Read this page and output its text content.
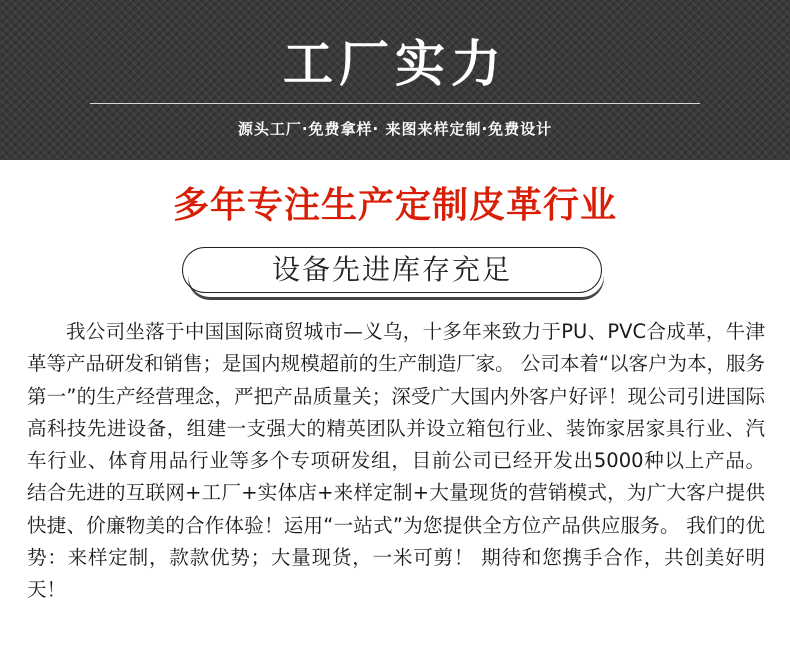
工厂实力
源头工厂·免费拿样· 来图来样定制·免费设计
多年专注生产定制皮革行业
设备先进库存充足
我公司坐落于中国国际商贸城市—义乌，十多年来致力于PU、PVC合成革，牛津革等产品研发和销售；是国内规模超前的生产制造厂家。 公司本着“以客户为本，服务第一”的生产经营理念，严把产品质量关；深受广大国内外客户好评！现公司引进国际高科技先进设备，组建一支强大的精英团队并设立箱包行业、装饰家居家具行业、汽车行业、体育用品行业等多个专项研发组，目前公司已经开发出5000种以上产品。 结合先进的互联网+工厂+实体店+来样定制+大量现货的营销模式，为广大客户提供快捷、价廉物美的合作体验！运用“一站式”为您提供全方位产品供应服务。 我们的优势：来样定制，款款优势；大量现货，一米可剪！ 期待和您携手合作，共创美好明天！
